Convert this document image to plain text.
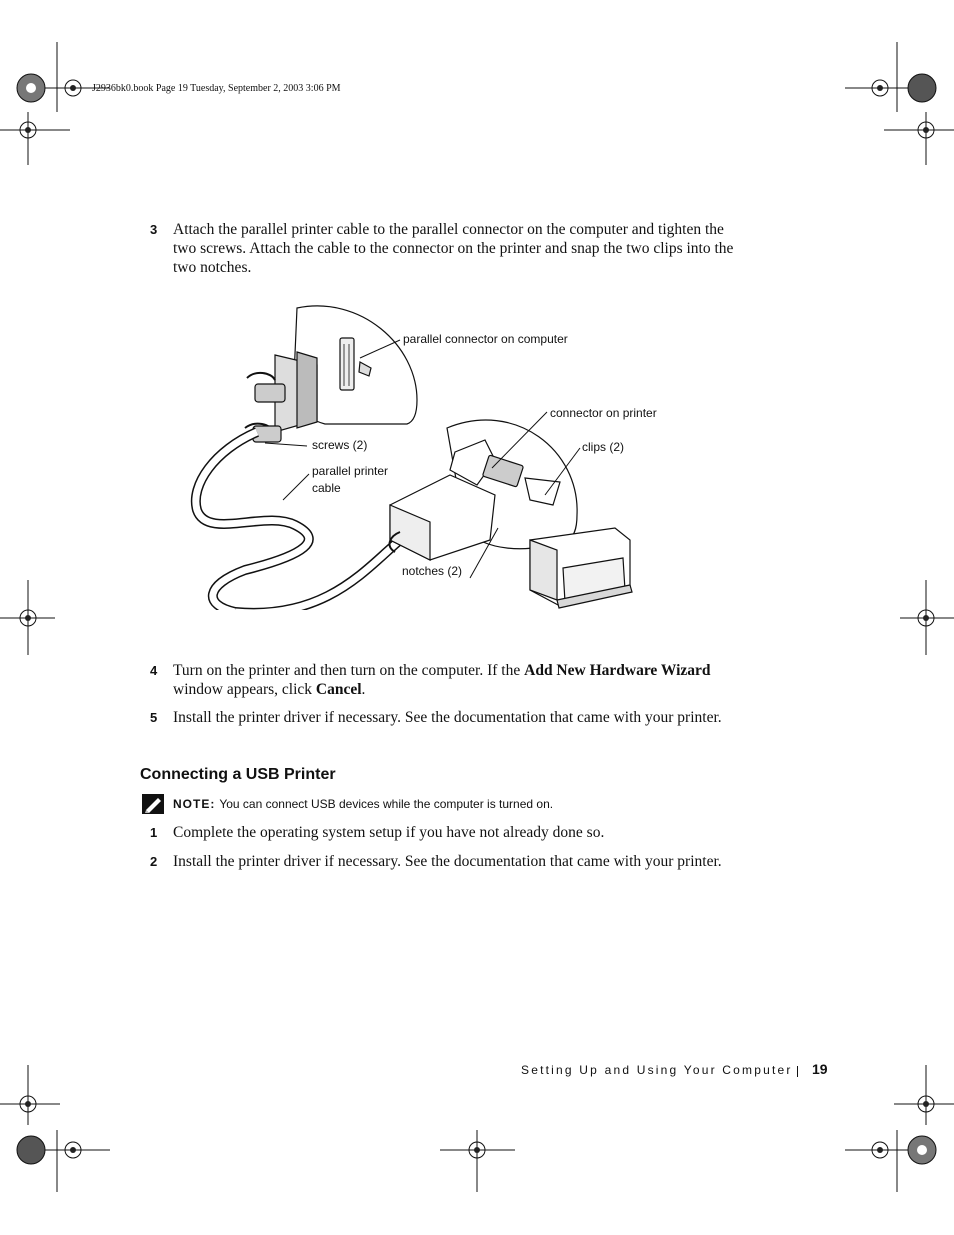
J2936bk0.book Page 19 Tuesday, September 2, 2003 3:06 PM
3 Attach the parallel printer cable to the parallel connector on the computer and tighten the two screws. Attach the cable to the connector on the printer and snap the two clips into the two notches.
parallel connector on computer
connector on printer
clips (2)
screws (2)
parallel printer
cable
notches (2)
4 Turn on the printer and then turn on the computer. If the Add New Hardware Wizard window appears, click Cancel.
5 Install the printer driver if necessary. See the documentation that came with your printer.
Connecting a USB Printer
NOTE: You can connect USB devices while the computer is turned on.
1 Complete the operating system setup if you have not already done so.
2 Install the printer driver if necessary. See the documentation that came with your printer.
Setting Up and Using Your Computer 19
